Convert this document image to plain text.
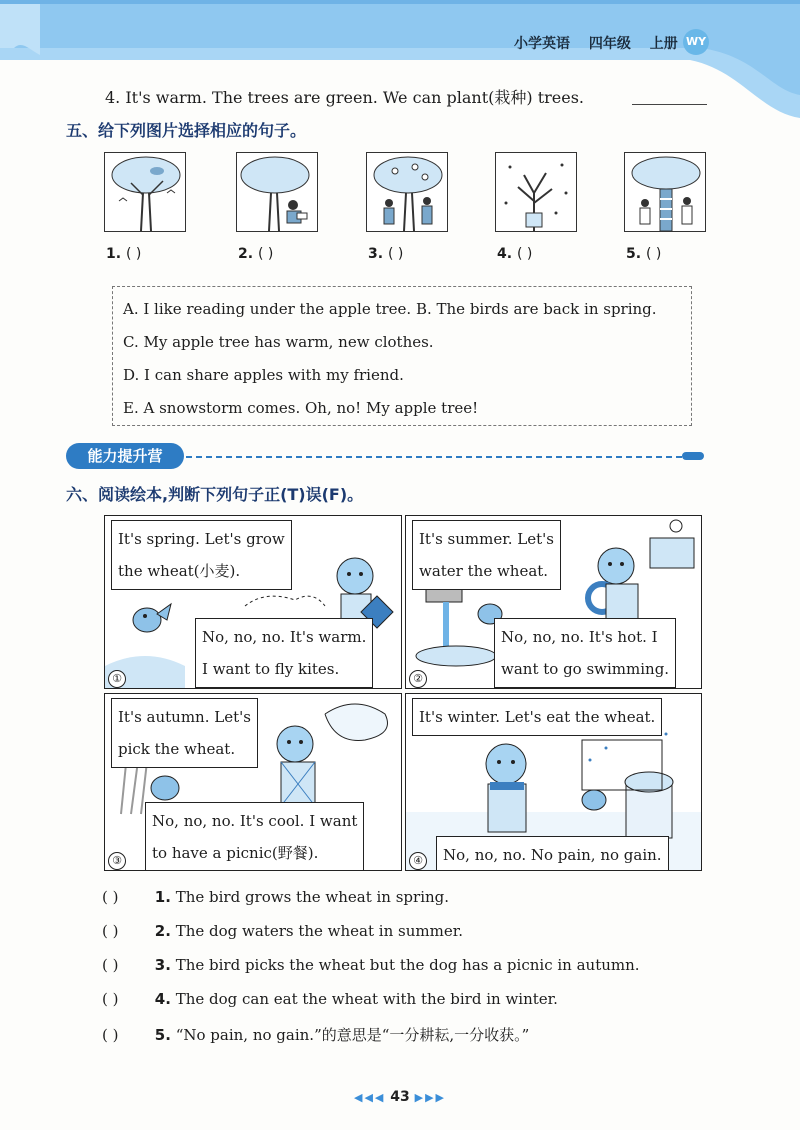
小学英语 四年级 上册 WY
4. It's warm. The trees are green. We can plant(栽种) trees.
五、给下列图片选择相应的句子。
1. ( )	2. ( )	3. ( )	4. ( )	5. ( )
A. I like reading under the apple tree. B. The birds are back in spring.
C. My apple tree has warm, new clothes.
D. I can share apples with my friend.
E. A snowstorm comes. Oh, no! My apple tree!
能力提升营
六、阅读绘本,判断下列句子正(T)误(F)。
It's spring. Let's grow
the wheat(小麦).
No, no, no. It's warm.
I want to fly kites.
①
It's summer. Let's
water the wheat.
No, no, no. It's hot. I
want to go swimming.
②
It's autumn. Let's
pick the wheat.
No, no, no. It's cool. I want
to have a picnic(野餐).
③
It's winter. Let's eat the wheat.
No, no, no. No pain, no gain.
④
( ) 1. The bird grows the wheat in spring.
( ) 2. The dog waters the wheat in summer.
( ) 3. The bird picks the wheat but the dog has a picnic in autumn.
( ) 4. The dog can eat the wheat with the bird in winter.
( ) 5. “No pain, no gain.”的意思是“一分耕耘,一分收获。”
◀◀◀ 43 ▶▶▶
